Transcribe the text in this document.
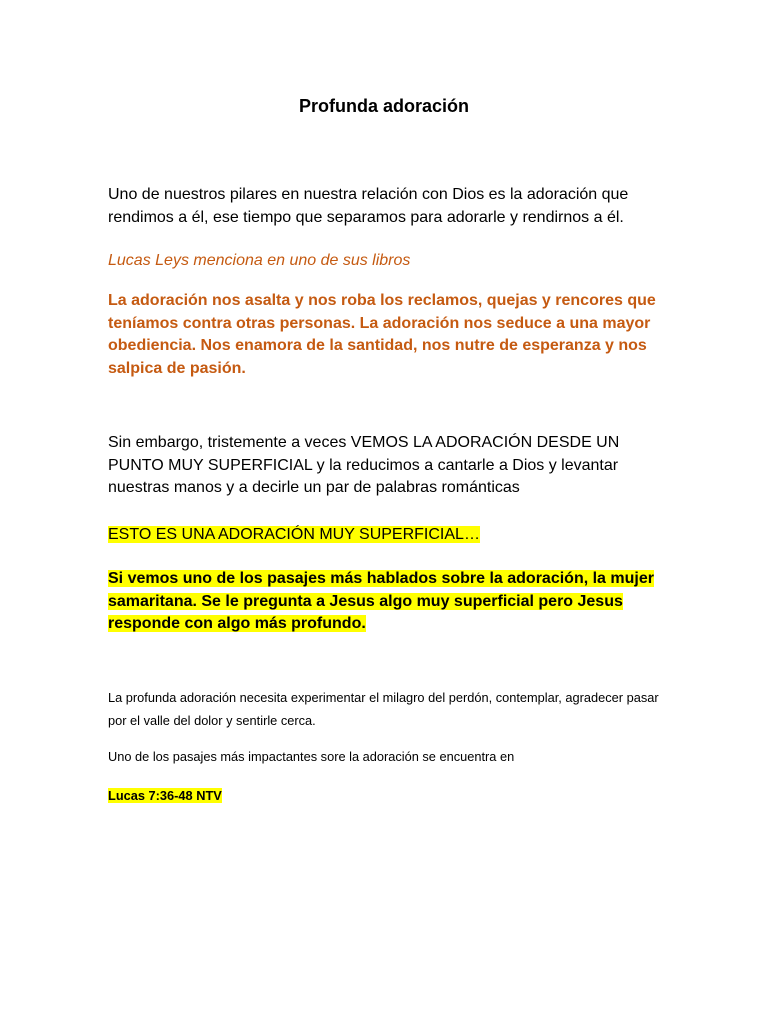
Profunda adoración

Uno de nuestros pilares en nuestra relación con Dios es la adoración que rendimos a él, ese tiempo que separamos para adorarle y rendirnos a él.

Lucas Leys menciona en uno de sus libros

La adoración nos asalta y nos roba los reclamos, quejas y rencores que teníamos contra otras personas. La adoración nos seduce a una mayor obediencia. Nos enamora de la santidad, nos nutre de esperanza y nos salpica de pasión.

Sin embargo, tristemente a veces VEMOS LA ADORACIÓN DESDE UN PUNTO MUY SUPERFICIAL y la reducimos a cantarle a Dios y levantar nuestras manos y a decirle un par de palabras románticas

ESTO ES UNA ADORACIÓN MUY SUPERFICIAL…

Si vemos uno de los pasajes más hablados sobre la adoración, la mujer samaritana. Se le pregunta a Jesus algo muy superficial pero Jesus responde con algo más profundo.

La profunda adoración necesita experimentar el milagro del perdón, contemplar, agradecer pasar por el valle del dolor y sentirle cerca.

Uno de los pasajes más impactantes sore la adoración se encuentra en

Lucas 7:36-48 NTV
